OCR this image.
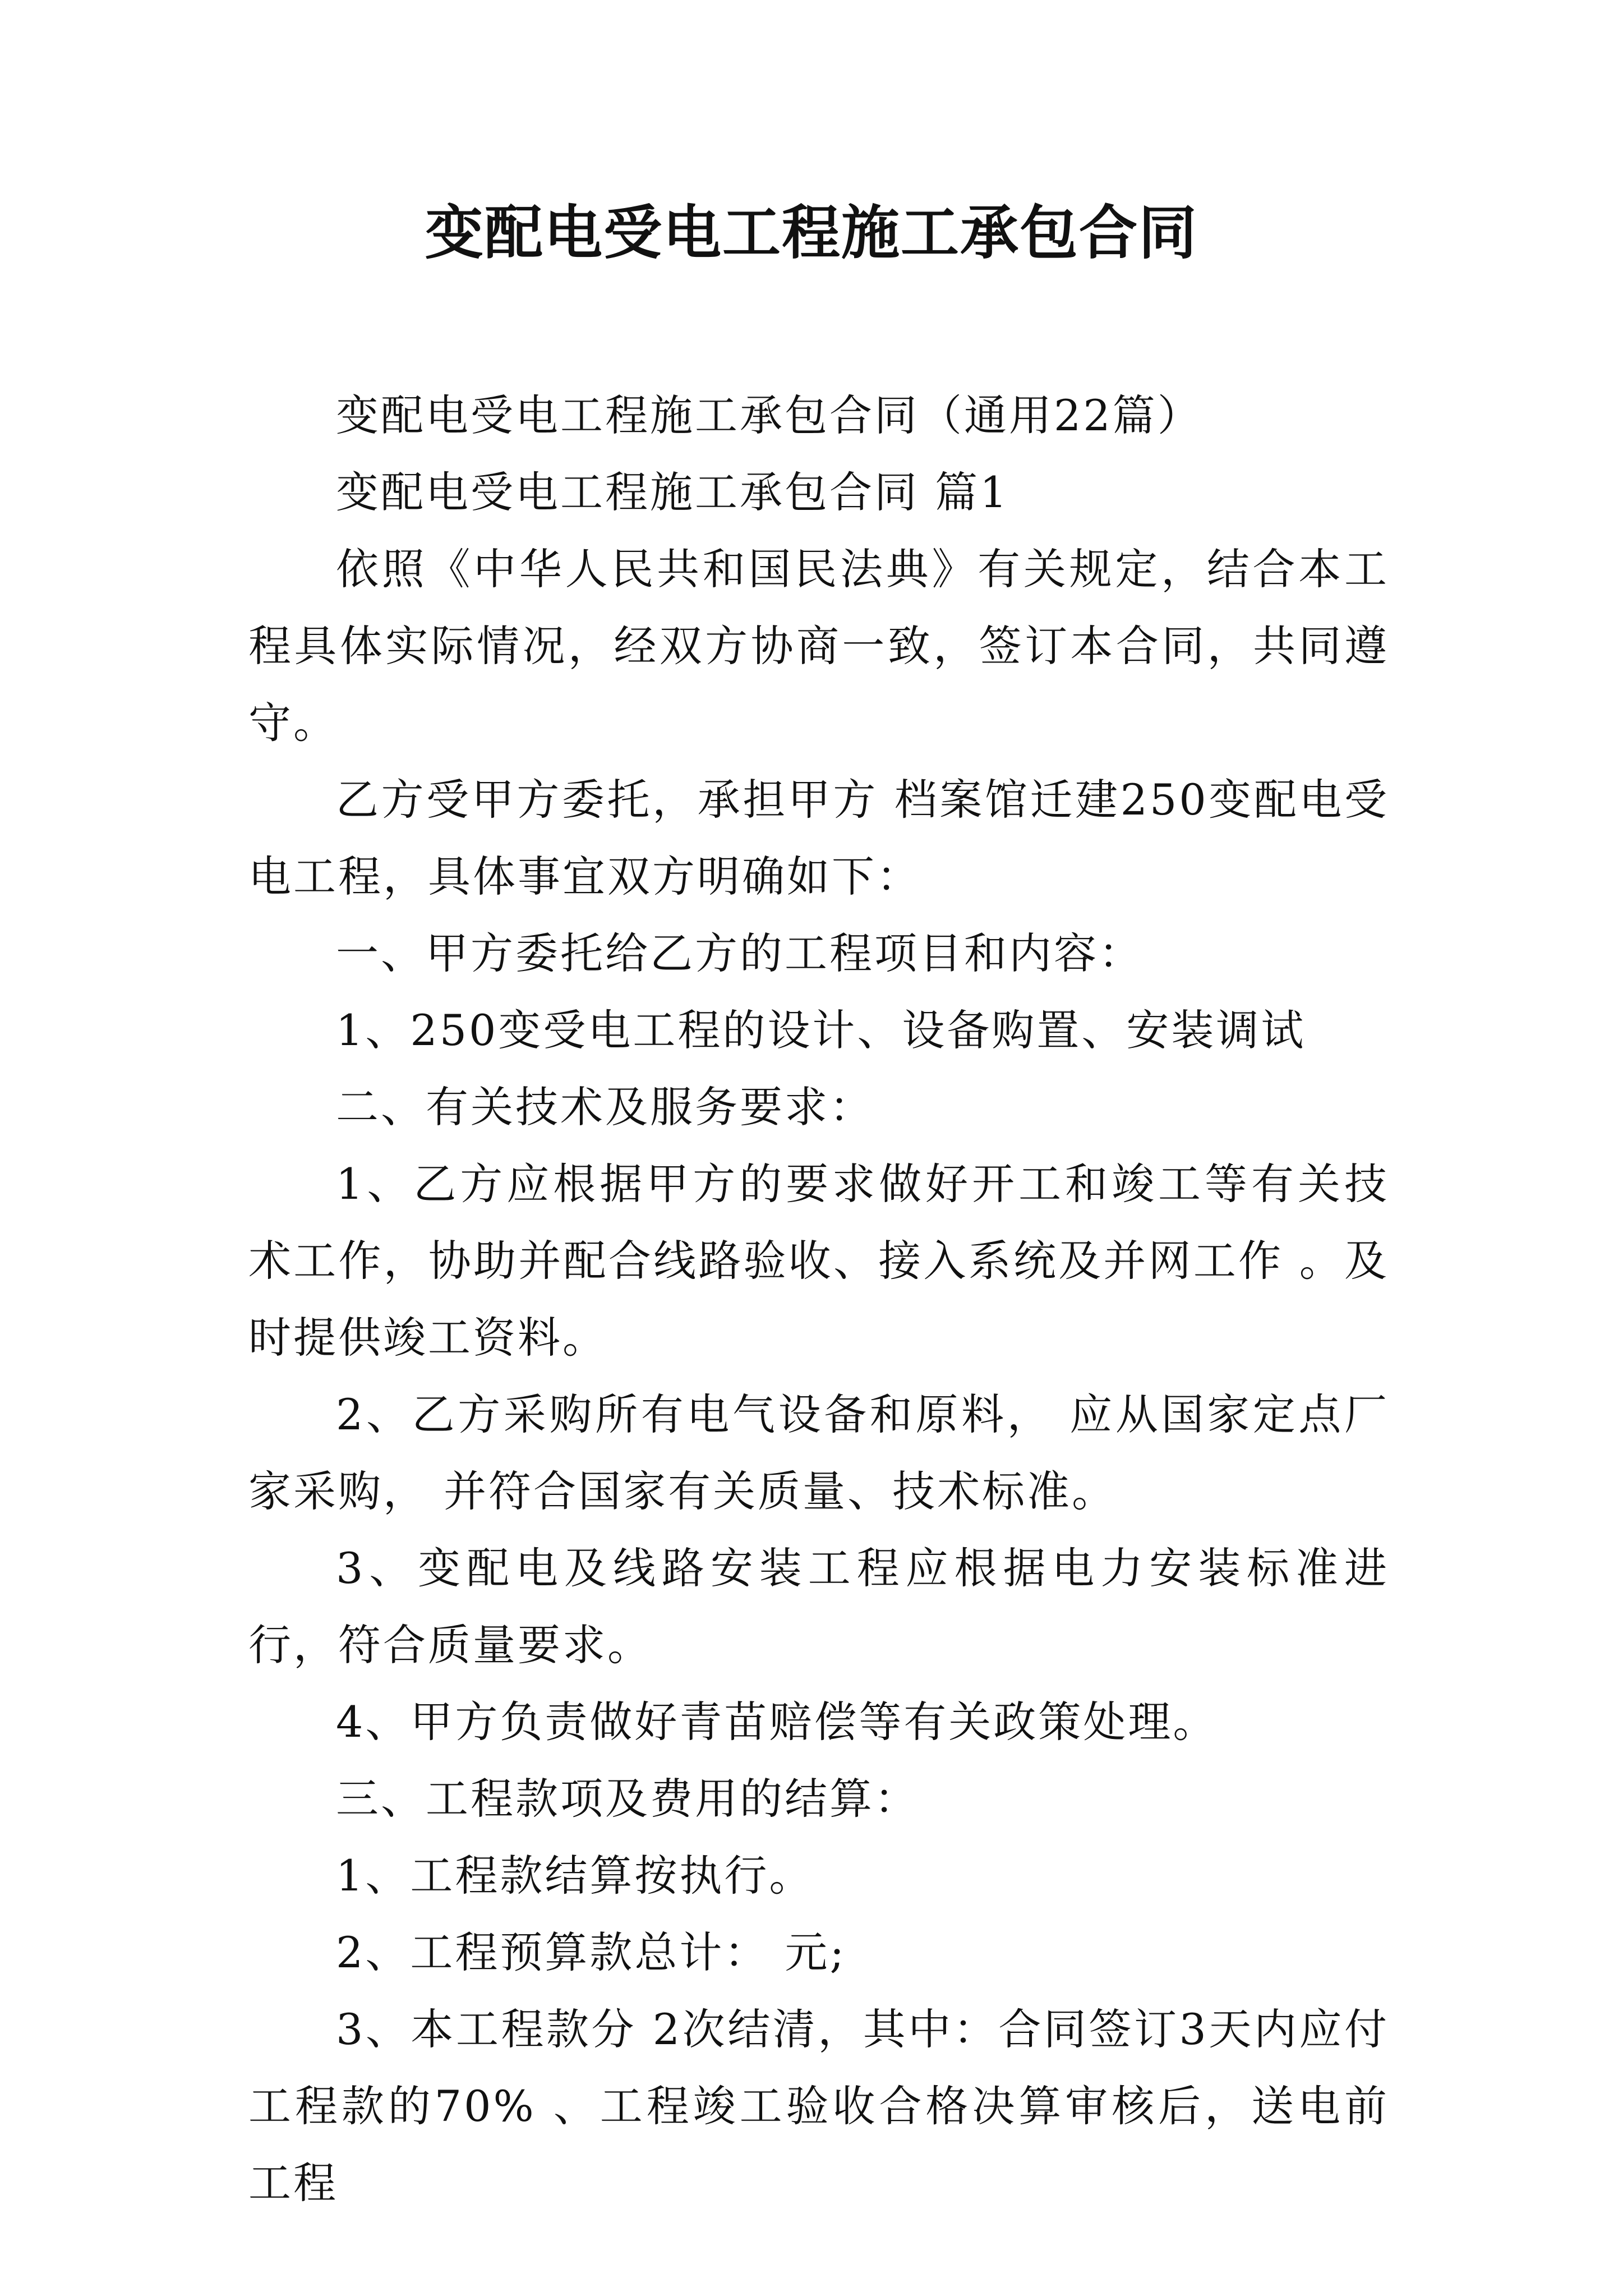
变配电受电工程施工承包合同

变配电受电工程施工承包合同（通用22篇）

变配电受电工程施工承包合同 篇1

依照《中华人民共和国民法典》有关规定，结合本工程具体实际情况，经双方协商一致，签订本合同，共同遵守。

乙方受甲方委托，承担甲方 档案馆迁建250变配电受电工程，具体事宜双方明确如下：

一、甲方委托给乙方的工程项目和内容：

1、250变受电工程的设计、设备购置、安装调试

二、有关技术及服务要求：

1、乙方应根据甲方的要求做好开工和竣工等有关技术工作，协助并配合线路验收、接入系统及并网工作 。及时提供竣工资料。

2、乙方采购所有电气设备和原料， 应从国家定点厂家采购， 并符合国家有关质量、技术标准。

3、变配电及线路安装工程应根据电力安装标准进行，符合质量要求。

4、甲方负责做好青苗赔偿等有关政策处理。

三、工程款项及费用的结算：

1、工程款结算按执行。

2、工程预算款总计： 元;

3、本工程款分 2次结清，其中：合同签订3天内应付工程款的70% 、工程竣工验收合格决算审核后，送电前工程
